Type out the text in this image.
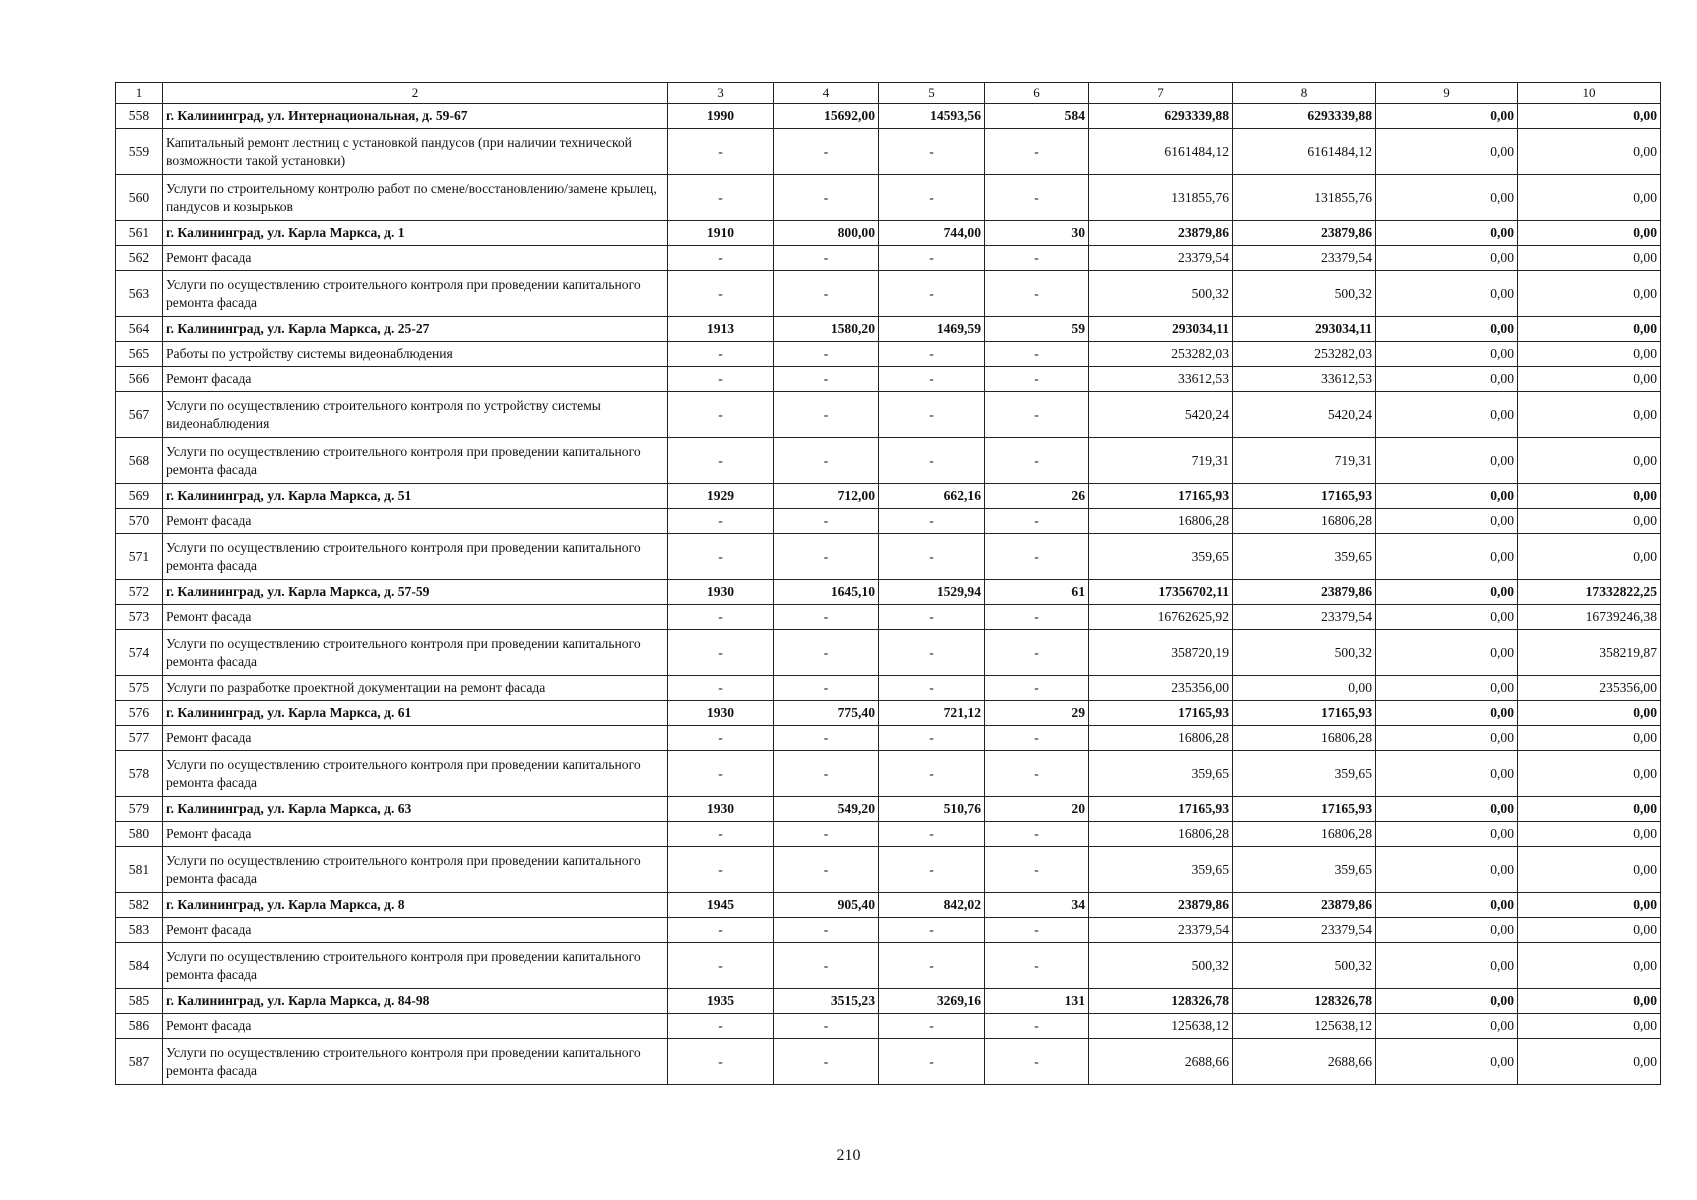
1	2	3	4	5	6	7	8	9	10
558	г. Калининград, ул. Интернациональная, д. 59-67	1990	15692,00	14593,56	584	6293339,88	6293339,88	0,00	0,00
559	Капитальный ремонт лестниц с установкой пандусов (при наличии технической возможности такой установки)	-	-	-	-	6161484,12	6161484,12	0,00	0,00
560	Услуги по строительному контролю работ по смене/восстановлению/замене крылец, пандусов и козырьков	-	-	-	-	131855,76	131855,76	0,00	0,00
561	г. Калининград, ул. Карла Маркса, д. 1	1910	800,00	744,00	30	23879,86	23879,86	0,00	0,00
562	Ремонт фасада	-	-	-	-	23379,54	23379,54	0,00	0,00
563	Услуги по осуществлению строительного контроля при проведении капитального ремонта фасада	-	-	-	-	500,32	500,32	0,00	0,00
564	г. Калининград, ул. Карла Маркса, д. 25-27	1913	1580,20	1469,59	59	293034,11	293034,11	0,00	0,00
565	Работы по устройству системы видеонаблюдения	-	-	-	-	253282,03	253282,03	0,00	0,00
566	Ремонт фасада	-	-	-	-	33612,53	33612,53	0,00	0,00
567	Услуги по осуществлению строительного контроля по устройству системы видеонаблюдения	-	-	-	-	5420,24	5420,24	0,00	0,00
568	Услуги по осуществлению строительного контроля при проведении капитального ремонта фасада	-	-	-	-	719,31	719,31	0,00	0,00
569	г. Калининград, ул. Карла Маркса, д. 51	1929	712,00	662,16	26	17165,93	17165,93	0,00	0,00
570	Ремонт фасада	-	-	-	-	16806,28	16806,28	0,00	0,00
571	Услуги по осуществлению строительного контроля при проведении капитального ремонта фасада	-	-	-	-	359,65	359,65	0,00	0,00
572	г. Калининград, ул. Карла Маркса, д. 57-59	1930	1645,10	1529,94	61	17356702,11	23879,86	0,00	17332822,25
573	Ремонт фасада	-	-	-	-	16762625,92	23379,54	0,00	16739246,38
574	Услуги по осуществлению строительного контроля при проведении капитального ремонта фасада	-	-	-	-	358720,19	500,32	0,00	358219,87
575	Услуги по разработке проектной документации на ремонт фасада	-	-	-	-	235356,00	0,00	0,00	235356,00
576	г. Калининград, ул. Карла Маркса, д. 61	1930	775,40	721,12	29	17165,93	17165,93	0,00	0,00
577	Ремонт фасада	-	-	-	-	16806,28	16806,28	0,00	0,00
578	Услуги по осуществлению строительного контроля при проведении капитального ремонта фасада	-	-	-	-	359,65	359,65	0,00	0,00
579	г. Калининград, ул. Карла Маркса, д. 63	1930	549,20	510,76	20	17165,93	17165,93	0,00	0,00
580	Ремонт фасада	-	-	-	-	16806,28	16806,28	0,00	0,00
581	Услуги по осуществлению строительного контроля при проведении капитального ремонта фасада	-	-	-	-	359,65	359,65	0,00	0,00
582	г. Калининград, ул. Карла Маркса, д. 8	1945	905,40	842,02	34	23879,86	23879,86	0,00	0,00
583	Ремонт фасада	-	-	-	-	23379,54	23379,54	0,00	0,00
584	Услуги по осуществлению строительного контроля при проведении капитального ремонта фасада	-	-	-	-	500,32	500,32	0,00	0,00
585	г. Калининград, ул. Карла Маркса, д. 84-98	1935	3515,23	3269,16	131	128326,78	128326,78	0,00	0,00
586	Ремонт фасада	-	-	-	-	125638,12	125638,12	0,00	0,00
587	Услуги по осуществлению строительного контроля при проведении капитального ремонта фасада	-	-	-	-	2688,66	2688,66	0,00	0,00
210
